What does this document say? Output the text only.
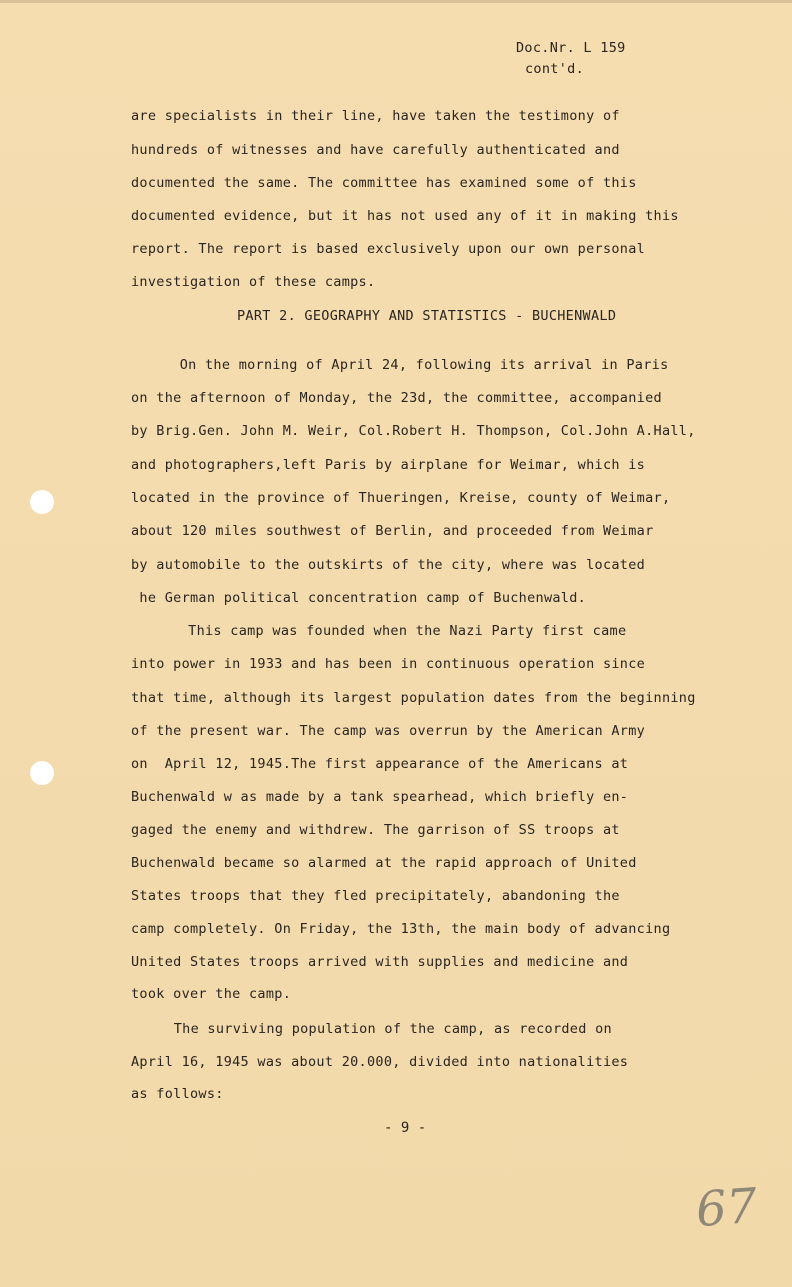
Doc.Nr. L 159
cont'd.
are specialists in their line, have taken the testimony of
hundreds of witnesses and have carefully authenticated and
documented the same. The committee has examined some of this
documented evidence, but it has not used any of it in making this
report. The report is based exclusively upon our own personal
investigation of these camps.
PART 2. GEOGRAPHY AND STATISTICS - BUCHENWALD
On the morning of April 24, following its arrival in Paris
on the afternoon of Monday, the 23d, the committee, accompanied
by Brig.Gen. John M. Weir, Col.Robert H. Thompson, Col.John A.Hall,
and photographers,left Paris by airplane for Weimar, which is
located in the province of Thueringen, Kreise, county of Weimar,
about 120 miles southwest of Berlin, and proceeded from Weimar
by automobile to the outskirts of the city, where was located
he German political concentration camp of Buchenwald.
This camp was founded when the Nazi Party first came
into power in 1933 and has been in continuous operation since
that time, although its largest population dates from the beginning
of the present war. The camp was overrun by the American Army
on  April 12, 1945.The first appearance of the Americans at
Buchenwald w as made by a tank spearhead, which briefly en-
gaged the enemy and withdrew. The garrison of SS troops at
Buchenwald became so alarmed at the rapid approach of United
States troops that they fled precipitately, abandoning the
camp completely. On Friday, the 13th, the main body of advancing
United States troops arrived with supplies and medicine and
took over the camp.
The surviving population of the camp, as recorded on
April 16, 1945 was about 20.000, divided into nationalities
as follows:
- 9 -
67
